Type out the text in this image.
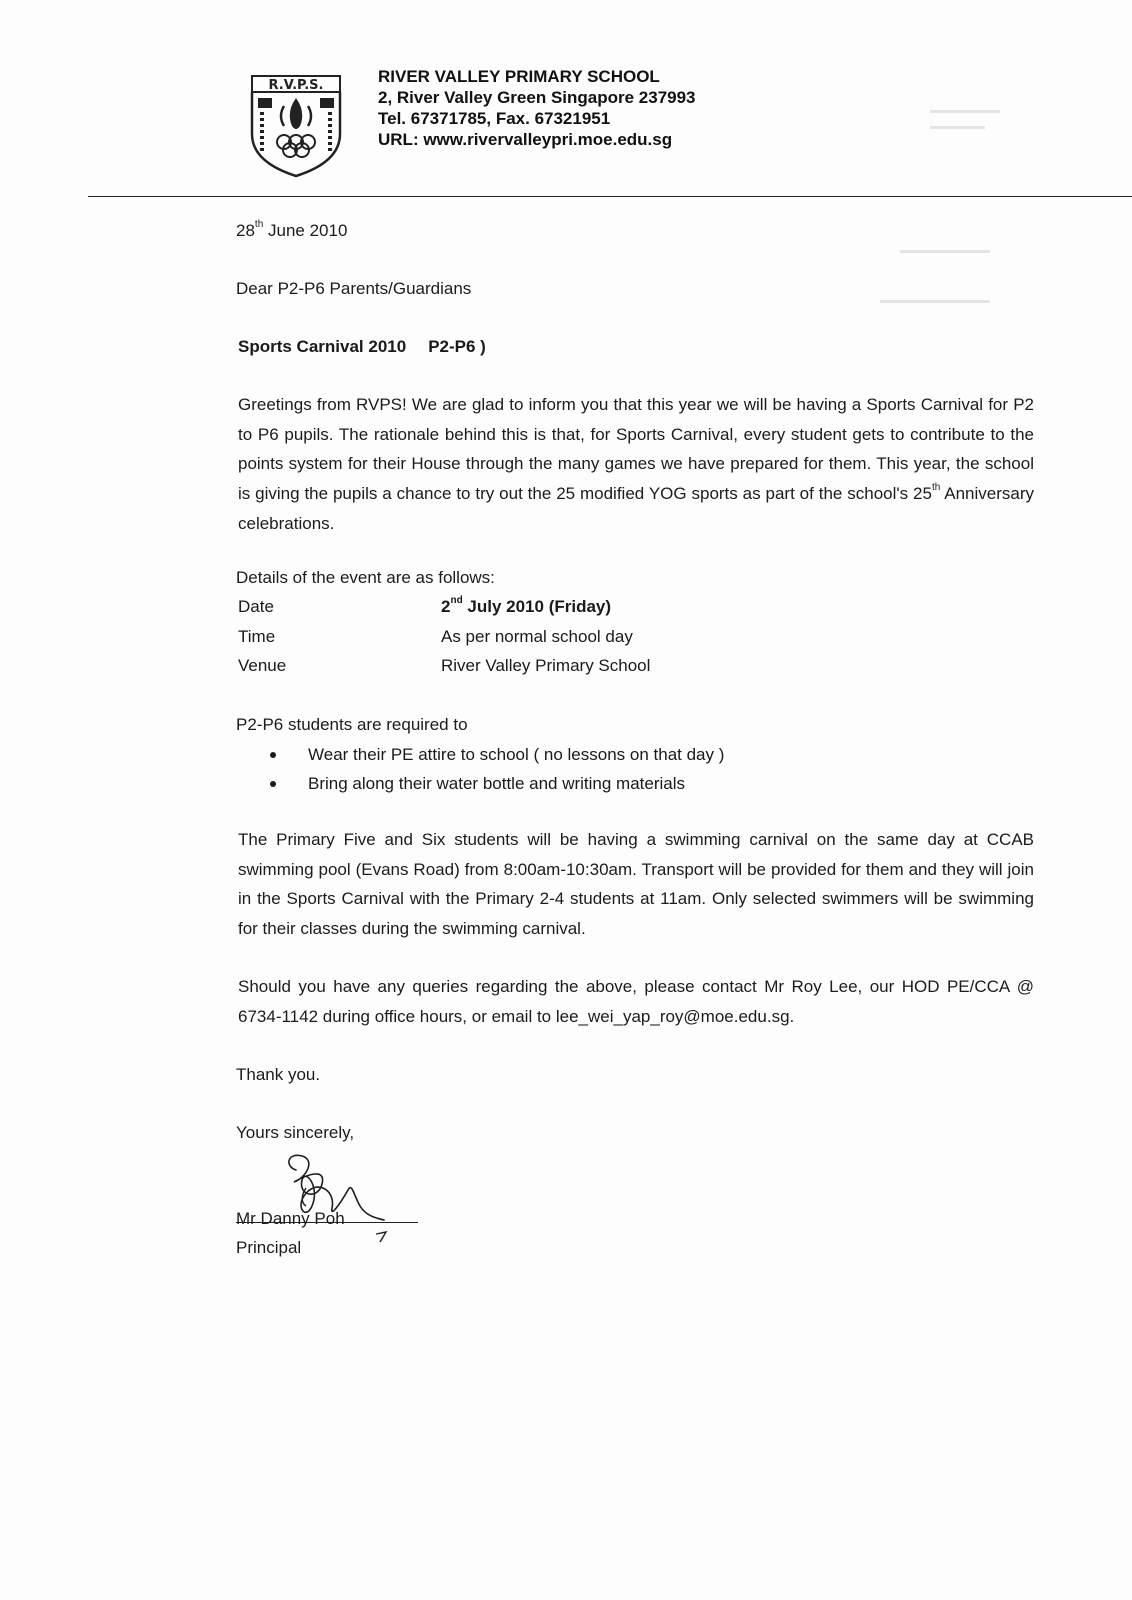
R.V.P.S.	RIVER VALLEY PRIMARY SCHOOL
2, River Valley Green Singapore 237993
Tel. 67371785, Fax. 67321951
URL: www.rivervalleypri.moe.edu.sg
28th June 2010
Dear P2-P6 Parents/Guardians
Sports Carnival 2010 P2-P6 )
Greetings from RVPS! We are glad to inform you that this year we will be having a Sports Carnival for P2 to P6 pupils. The rationale behind this is that, for Sports Carnival, every student gets to contribute to the points system for their House through the many games we have prepared for them. This year, the school is giving the pupils a chance to try out the 25 modified YOG sports as part of the school's 25th Anniversary celebrations.
Details of the event are as follows:
Date	2nd July 2010 (Friday)
Time	As per normal school day
Venue	River Valley Primary School
P2-P6 students are required to
Wear their PE attire to school ( no lessons on that day )
Bring along their water bottle and writing materials
The Primary Five and Six students will be having a swimming carnival on the same day at CCAB swimming pool (Evans Road) from 8:00am-10:30am. Transport will be provided for them and they will join in the Sports Carnival with the Primary 2-4 students at 11am. Only selected swimmers will be swimming for their classes during the swimming carnival.
Should you have any queries regarding the above, please contact Mr Roy Lee, our HOD PE/CCA @ 6734-1142 during office hours, or email to lee_wei_yap_roy@moe.edu.sg.
Thank you.
Yours sincerely,
Mr Danny Poh
Principal
